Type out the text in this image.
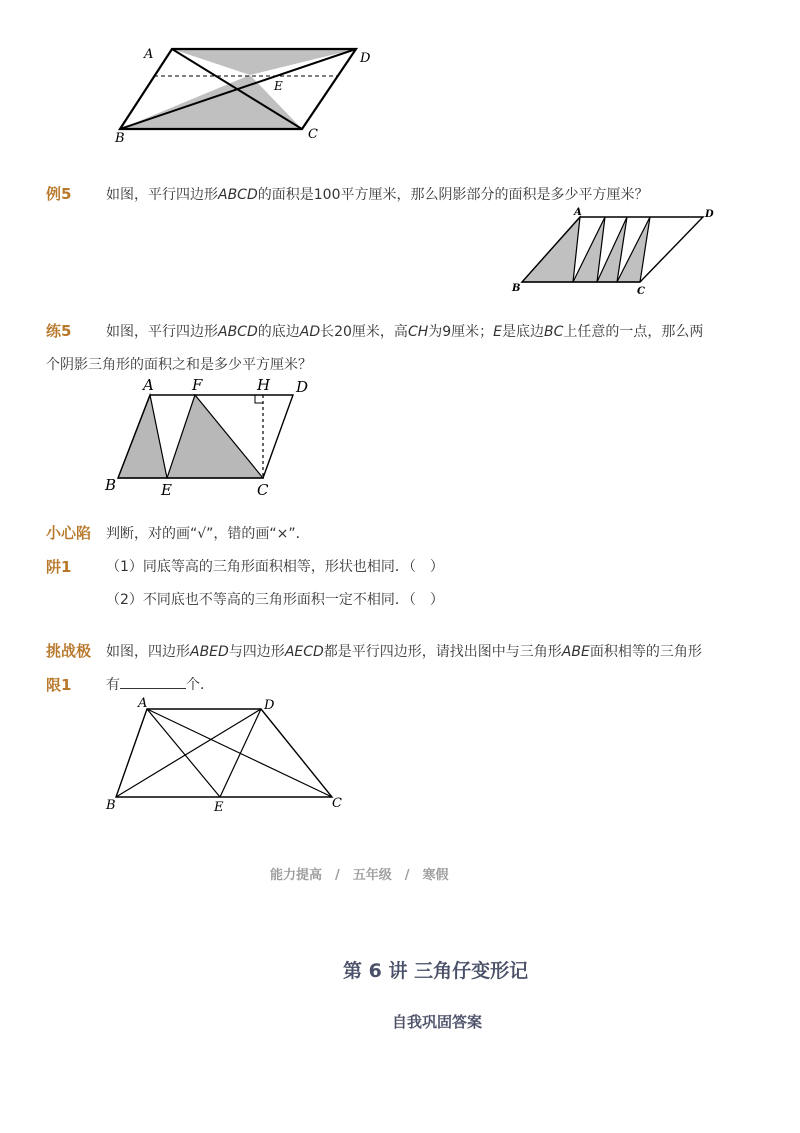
A	D
E
B	C
例5 如图，平行四边形ABCD的面积是100平方厘米，那么阴影部分的面积是多少平方厘米？
A	D
B	C
练5 如图，平行四边形ABCD的底边AD长20厘米，高CH为9厘米；E是底边BC上任意的一点，那么两
个阴影三角形的面积之和是多少平方厘米？
A	F	H D
B	E	C
小心陷
阱1
判断，对的画“√”，错的画“×”．
（1）同底等高的三角形面积相等，形状也相同．（　）
（2）不同底也不等高的三角形面积一定不相同．（　）
挑战极
限1
如图，四边形ABED与四边形AECD都是平行四边形，请找出图中与三角形ABE面积相等的三角形
有	个．
A	D
B	E	C
能力提高　/　五年级　/　寒假
第 6 讲 三角仔变形记
自我巩固答案
